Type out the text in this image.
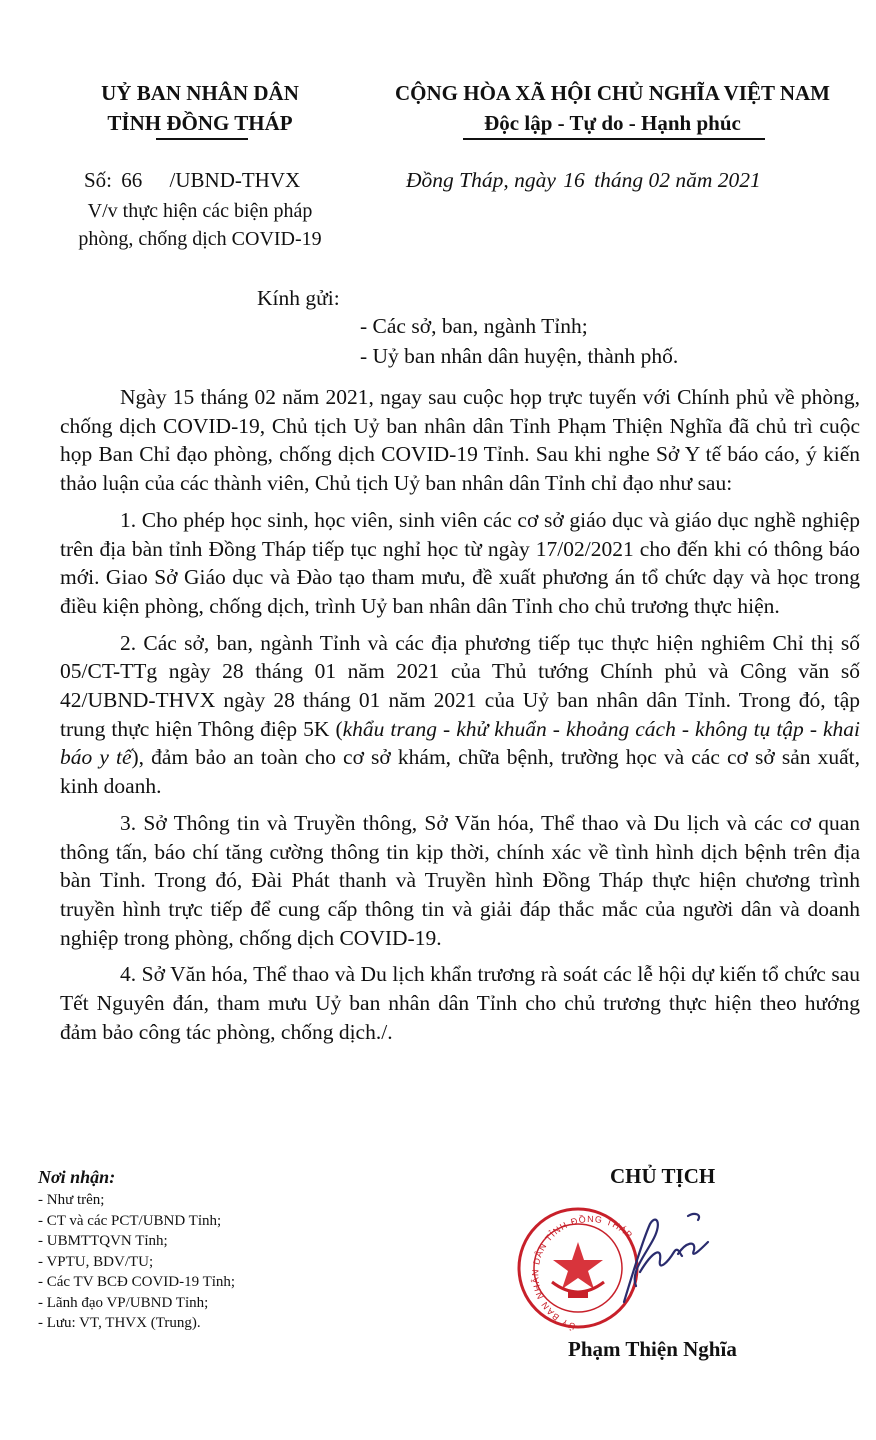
UỶ BAN NHÂN DÂN
TỈNH ĐỒNG THÁP
CỘNG HÒA XÃ HỘI CHỦ NGHĨA VIỆT NAM
Độc lập - Tự do - Hạnh phúc
Số: 66 /UBND-THVX
V/v thực hiện các biện pháp
phòng, chống dịch COVID-19
Đồng Tháp, ngày 16 tháng 02 năm 2021
Kính gửi:
- Các sở, ban, ngành Tỉnh;
- Uỷ ban nhân dân huyện, thành phố.

Ngày 15 tháng 02 năm 2021, ngay sau cuộc họp trực tuyến với Chính phủ về phòng, chống dịch COVID-19, Chủ tịch Uỷ ban nhân dân Tỉnh Phạm Thiện Nghĩa đã chủ trì cuộc họp Ban Chỉ đạo phòng, chống dịch COVID-19 Tỉnh. Sau khi nghe Sở Y tế báo cáo, ý kiến thảo luận của các thành viên, Chủ tịch Uỷ ban nhân dân Tỉnh chỉ đạo như sau:

1. Cho phép học sinh, học viên, sinh viên các cơ sở giáo dục và giáo dục nghề nghiệp trên địa bàn tỉnh Đồng Tháp tiếp tục nghỉ học từ ngày 17/02/2021 cho đến khi có thông báo mới. Giao Sở Giáo dục và Đào tạo tham mưu, đề xuất phương án tổ chức dạy và học trong điều kiện phòng, chống dịch, trình Uỷ ban nhân dân Tỉnh cho chủ trương thực hiện.

2. Các sở, ban, ngành Tỉnh và các địa phương tiếp tục thực hiện nghiêm Chỉ thị số 05/CT-TTg ngày 28 tháng 01 năm 2021 của Thủ tướng Chính phủ và Công văn số 42/UBND-THVX ngày 28 tháng 01 năm 2021 của Uỷ ban nhân dân Tỉnh. Trong đó, tập trung thực hiện Thông điệp 5K (khẩu trang - khử khuẩn - khoảng cách - không tụ tập - khai báo y tế), đảm bảo an toàn cho cơ sở khám, chữa bệnh, trường học và các cơ sở sản xuất, kinh doanh.

3. Sở Thông tin và Truyền thông, Sở Văn hóa, Thể thao và Du lịch và các cơ quan thông tấn, báo chí tăng cường thông tin kịp thời, chính xác về tình hình dịch bệnh trên địa bàn Tỉnh. Trong đó, Đài Phát thanh và Truyền hình Đồng Tháp thực hiện chương trình truyền hình trực tiếp để cung cấp thông tin và giải đáp thắc mắc của người dân và doanh nghiệp trong phòng, chống dịch COVID-19.

4. Sở Văn hóa, Thể thao và Du lịch khẩn trương rà soát các lễ hội dự kiến tổ chức sau Tết Nguyên đán, tham mưu Uỷ ban nhân dân Tỉnh cho chủ trương thực hiện theo hướng đảm bảo công tác phòng, chống dịch./.

Nơi nhận:
- Như trên;
- CT và các PCT/UBND Tỉnh;
- UBMTTQVN Tỉnh;
- VPTU, BDV/TU;
- Các TV BCĐ COVID-19 Tỉnh;
- Lãnh đạo VP/UBND Tỉnh;
- Lưu: VT, THVX (Trung).
CHỦ TỊCH
ỦY BAN NHÂN DÂN TỈNH ĐỒNG THÁP
Phạm Thiện Nghĩa
